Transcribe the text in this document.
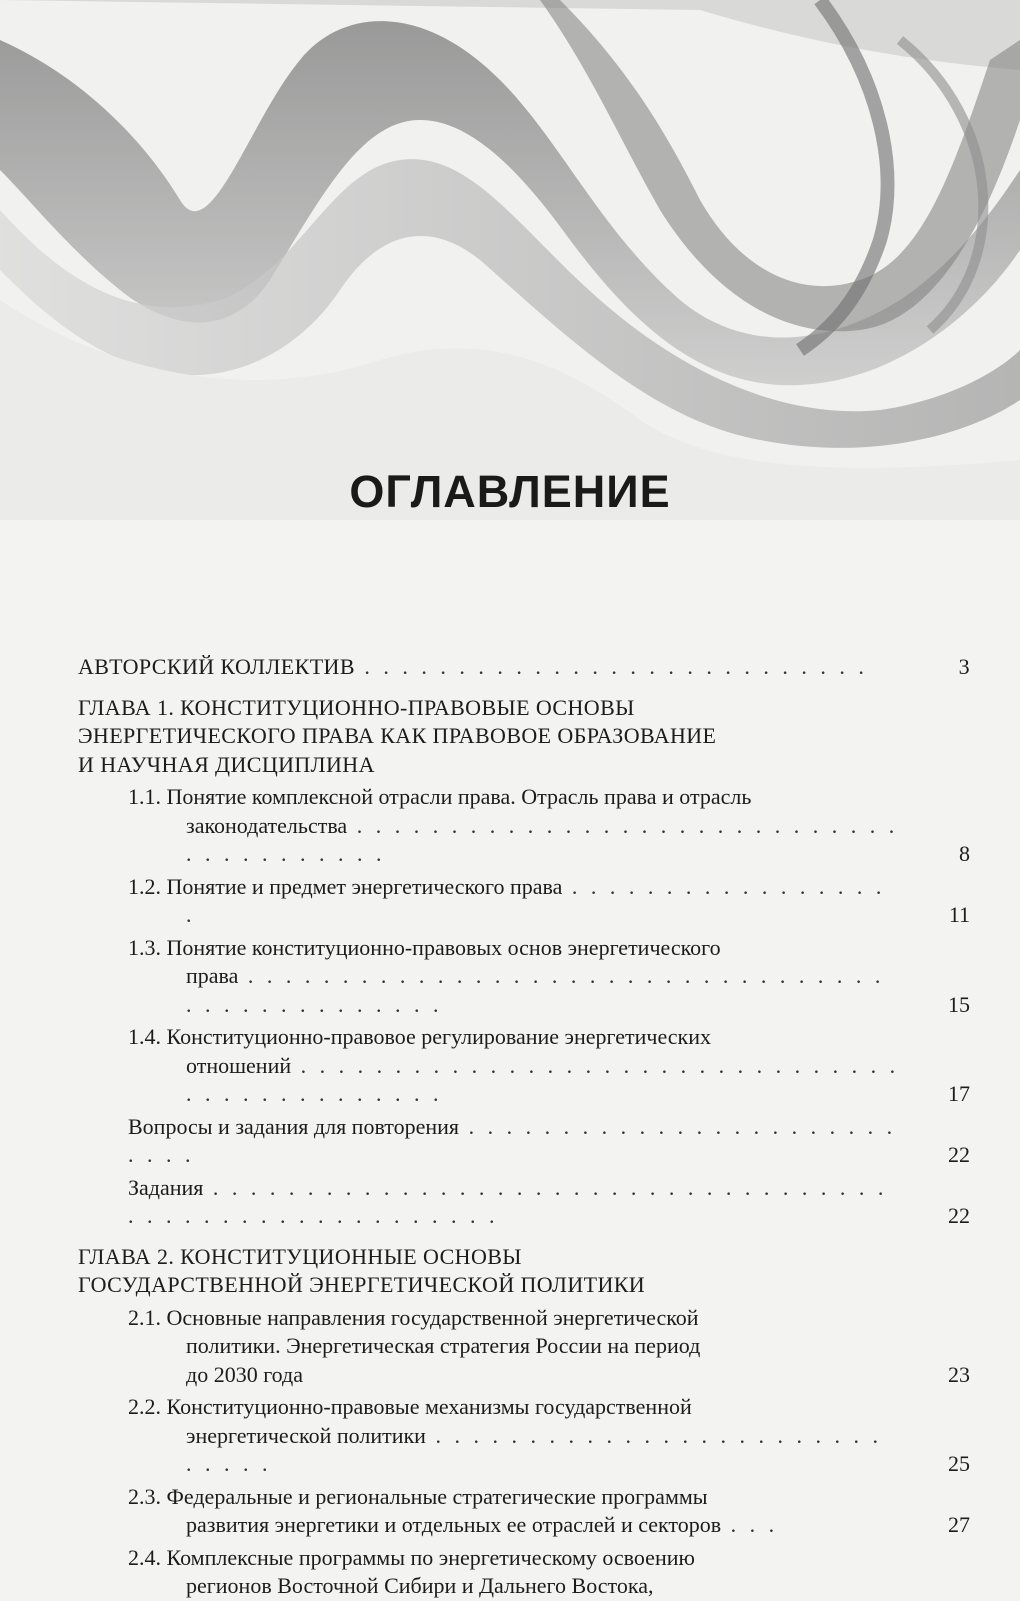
ОГЛАВЛЕНИЕ
АВТОРСКИЙ КОЛЛЕКТИВ . . . . . . . . . . . . . . . . . . . . . . . . . . .	3
ГЛАВА 1. КОНСТИТУЦИОННО-ПРАВОВЫЕ ОСНОВЫ
ЭНЕРГЕТИЧЕСКОГО ПРАВА КАК ПРАВОВОЕ ОБРАЗОВАНИЕ
И НАУЧНАЯ ДИСЦИПЛИНА
1.1. Понятие комплексной отрасли права. Отрасль права и отрасль
законодательства . . . . . . . . . . . . . . . . . . . . . . . . . . . . . . . . . . . . . . . .	8
1.2. Понятие и предмет энергетического права . . . . . . . . . . . . . . . . . .	11
1.3. Понятие конституционно-правовых основ энергетического
права . . . . . . . . . . . . . . . . . . . . . . . . . . . . . . . . . . . . . . . . . . . . . . . .	15
1.4. Конституционно-правовое регулирование энергетических
отношений . . . . . . . . . . . . . . . . . . . . . . . . . . . . . . . . . . . . . . . . . . . . . .	17
Вопросы и задания для повторения . . . . . . . . . . . . . . . . . . . . . . . . . . .	22
Задания . . . . . . . . . . . . . . . . . . . . . . . . . . . . . . . . . . . . . . . . . . . . . . . . . . . . . . . .	22
ГЛАВА 2. КОНСТИТУЦИОННЫЕ ОСНОВЫ
ГОСУДАРСТВЕННОЙ ЭНЕРГЕТИЧЕСКОЙ ПОЛИТИКИ
2.1. Основные направления государственной энергетической
политики. Энергетическая стратегия России на период
до 2030 года	23
2.2. Конституционно-правовые механизмы государственной
энергетической политики . . . . . . . . . . . . . . . . . . . . . . . . . . . . .	25
2.3. Федеральные и региональные стратегические программы
развития энергетики и отдельных ее отраслей и секторов . . .	27
2.4. Комплексные программы по энергетическому освоению
регионов Восточной Сибири и Дальнего Востока,
